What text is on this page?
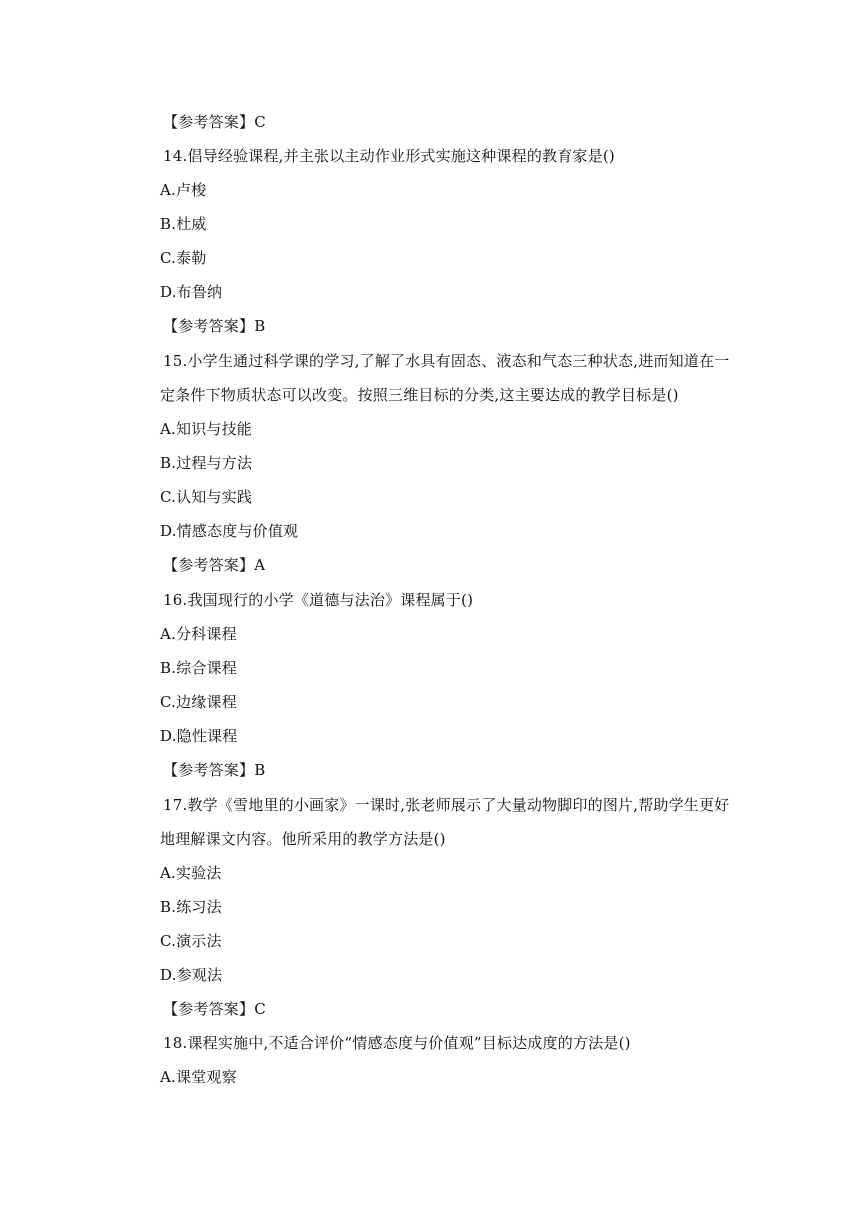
【参考答案】C
14.倡导经验课程,并主张以主动作业形式实施这种课程的教育家是()
A.卢梭
B.杜威
C.泰勒
D.布鲁纳
【参考答案】B
15.小学生通过科学课的学习,了解了水具有固态、液态和气态三种状态,进而知道在一
定条件下物质状态可以改变。按照三维目标的分类,这主要达成的教学目标是()
A.知识与技能
B.过程与方法
C.认知与实践
D.情感态度与价值观
【参考答案】A
16.我国现行的小学《道德与法治》课程属于()
A.分科课程
B.综合课程
C.边缘课程
D.隐性课程
【参考答案】B
17.教学《雪地里的小画家》一课时,张老师展示了大量动物脚印的图片,帮助学生更好
地理解课文内容。他所采用的教学方法是()
A.实验法
B.练习法
C.演示法
D.参观法
【参考答案】C
18.课程实施中,不适合评价“情感态度与价值观”目标达成度的方法是()
A.课堂观察
